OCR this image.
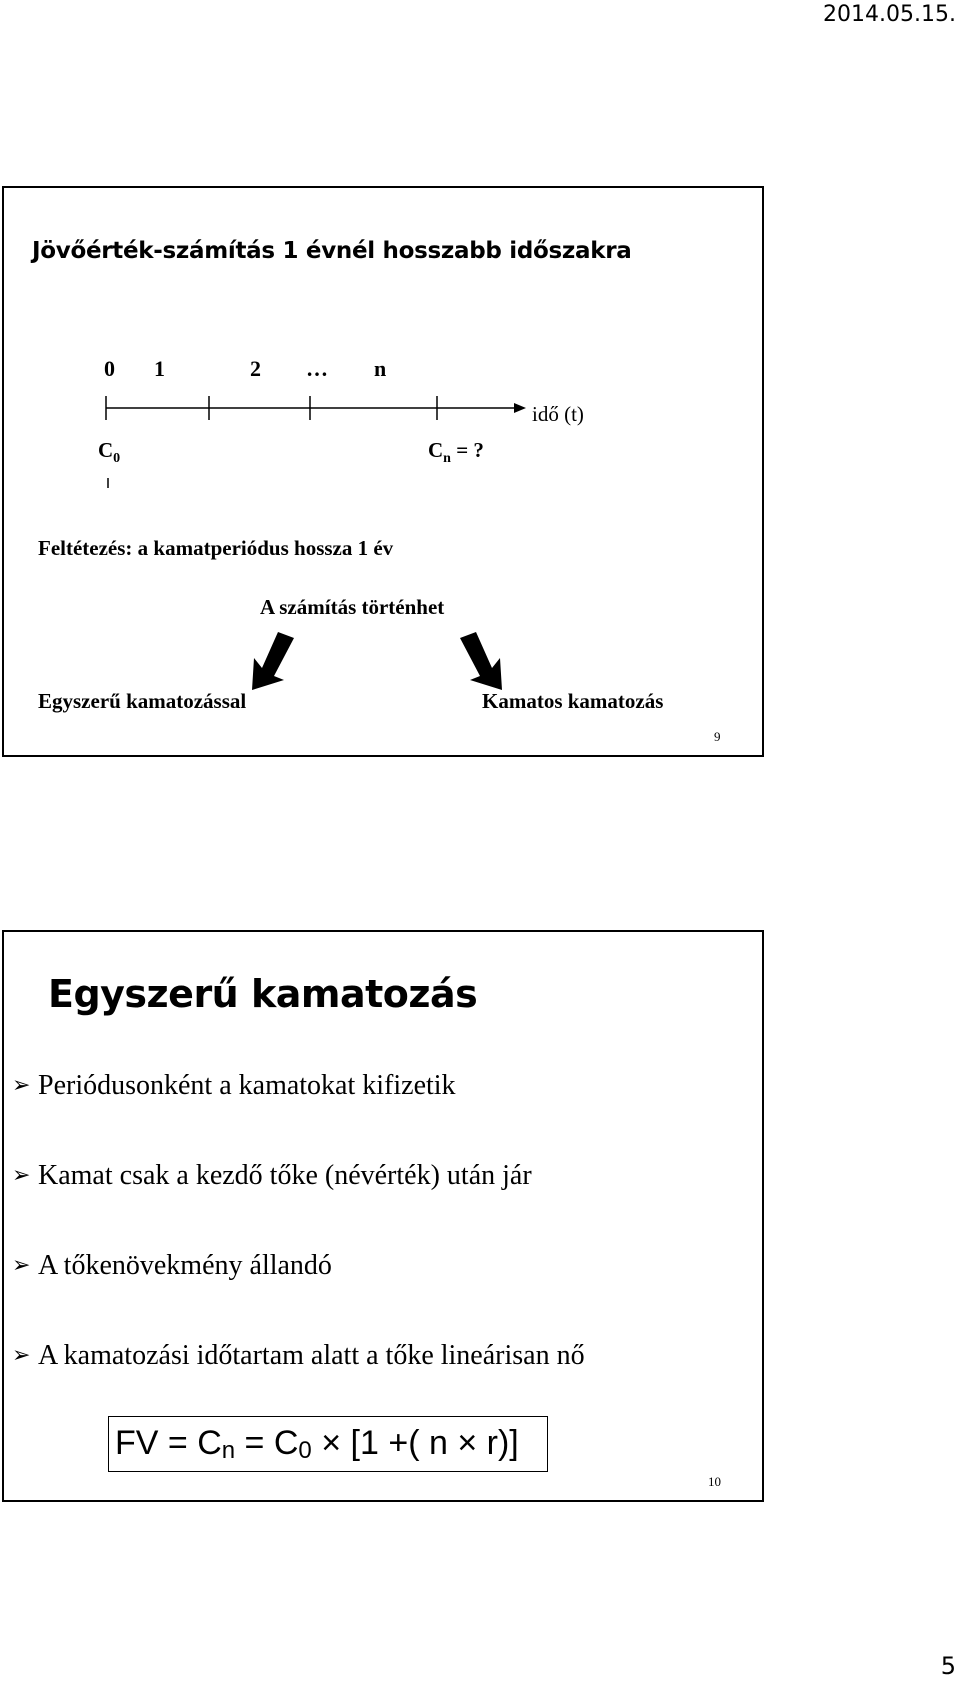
2014.05.15.
Jövőérték-számítás 1 évnél hosszabb időszakra
0 1	2 … n
idő (t)
$C_0$	$C_n$ = ?
Feltétezés: a kamatperiódus hossza 1 év
A számítás történhet
Egyszerű kamatozással	Kamatos kamatozás
9
Egyszerű kamatozás
➢ Periódusonként a kamatokat kifizetik
➢ Kamat csak a kezdő tőke (névérték) után jár
➢ A tőkenövekmény állandó
➢ A kamatozási időtartam alatt a tőke lineárisan nő
FV = $C_n = C_0 \times [1$ +( n × r)]
10
5
